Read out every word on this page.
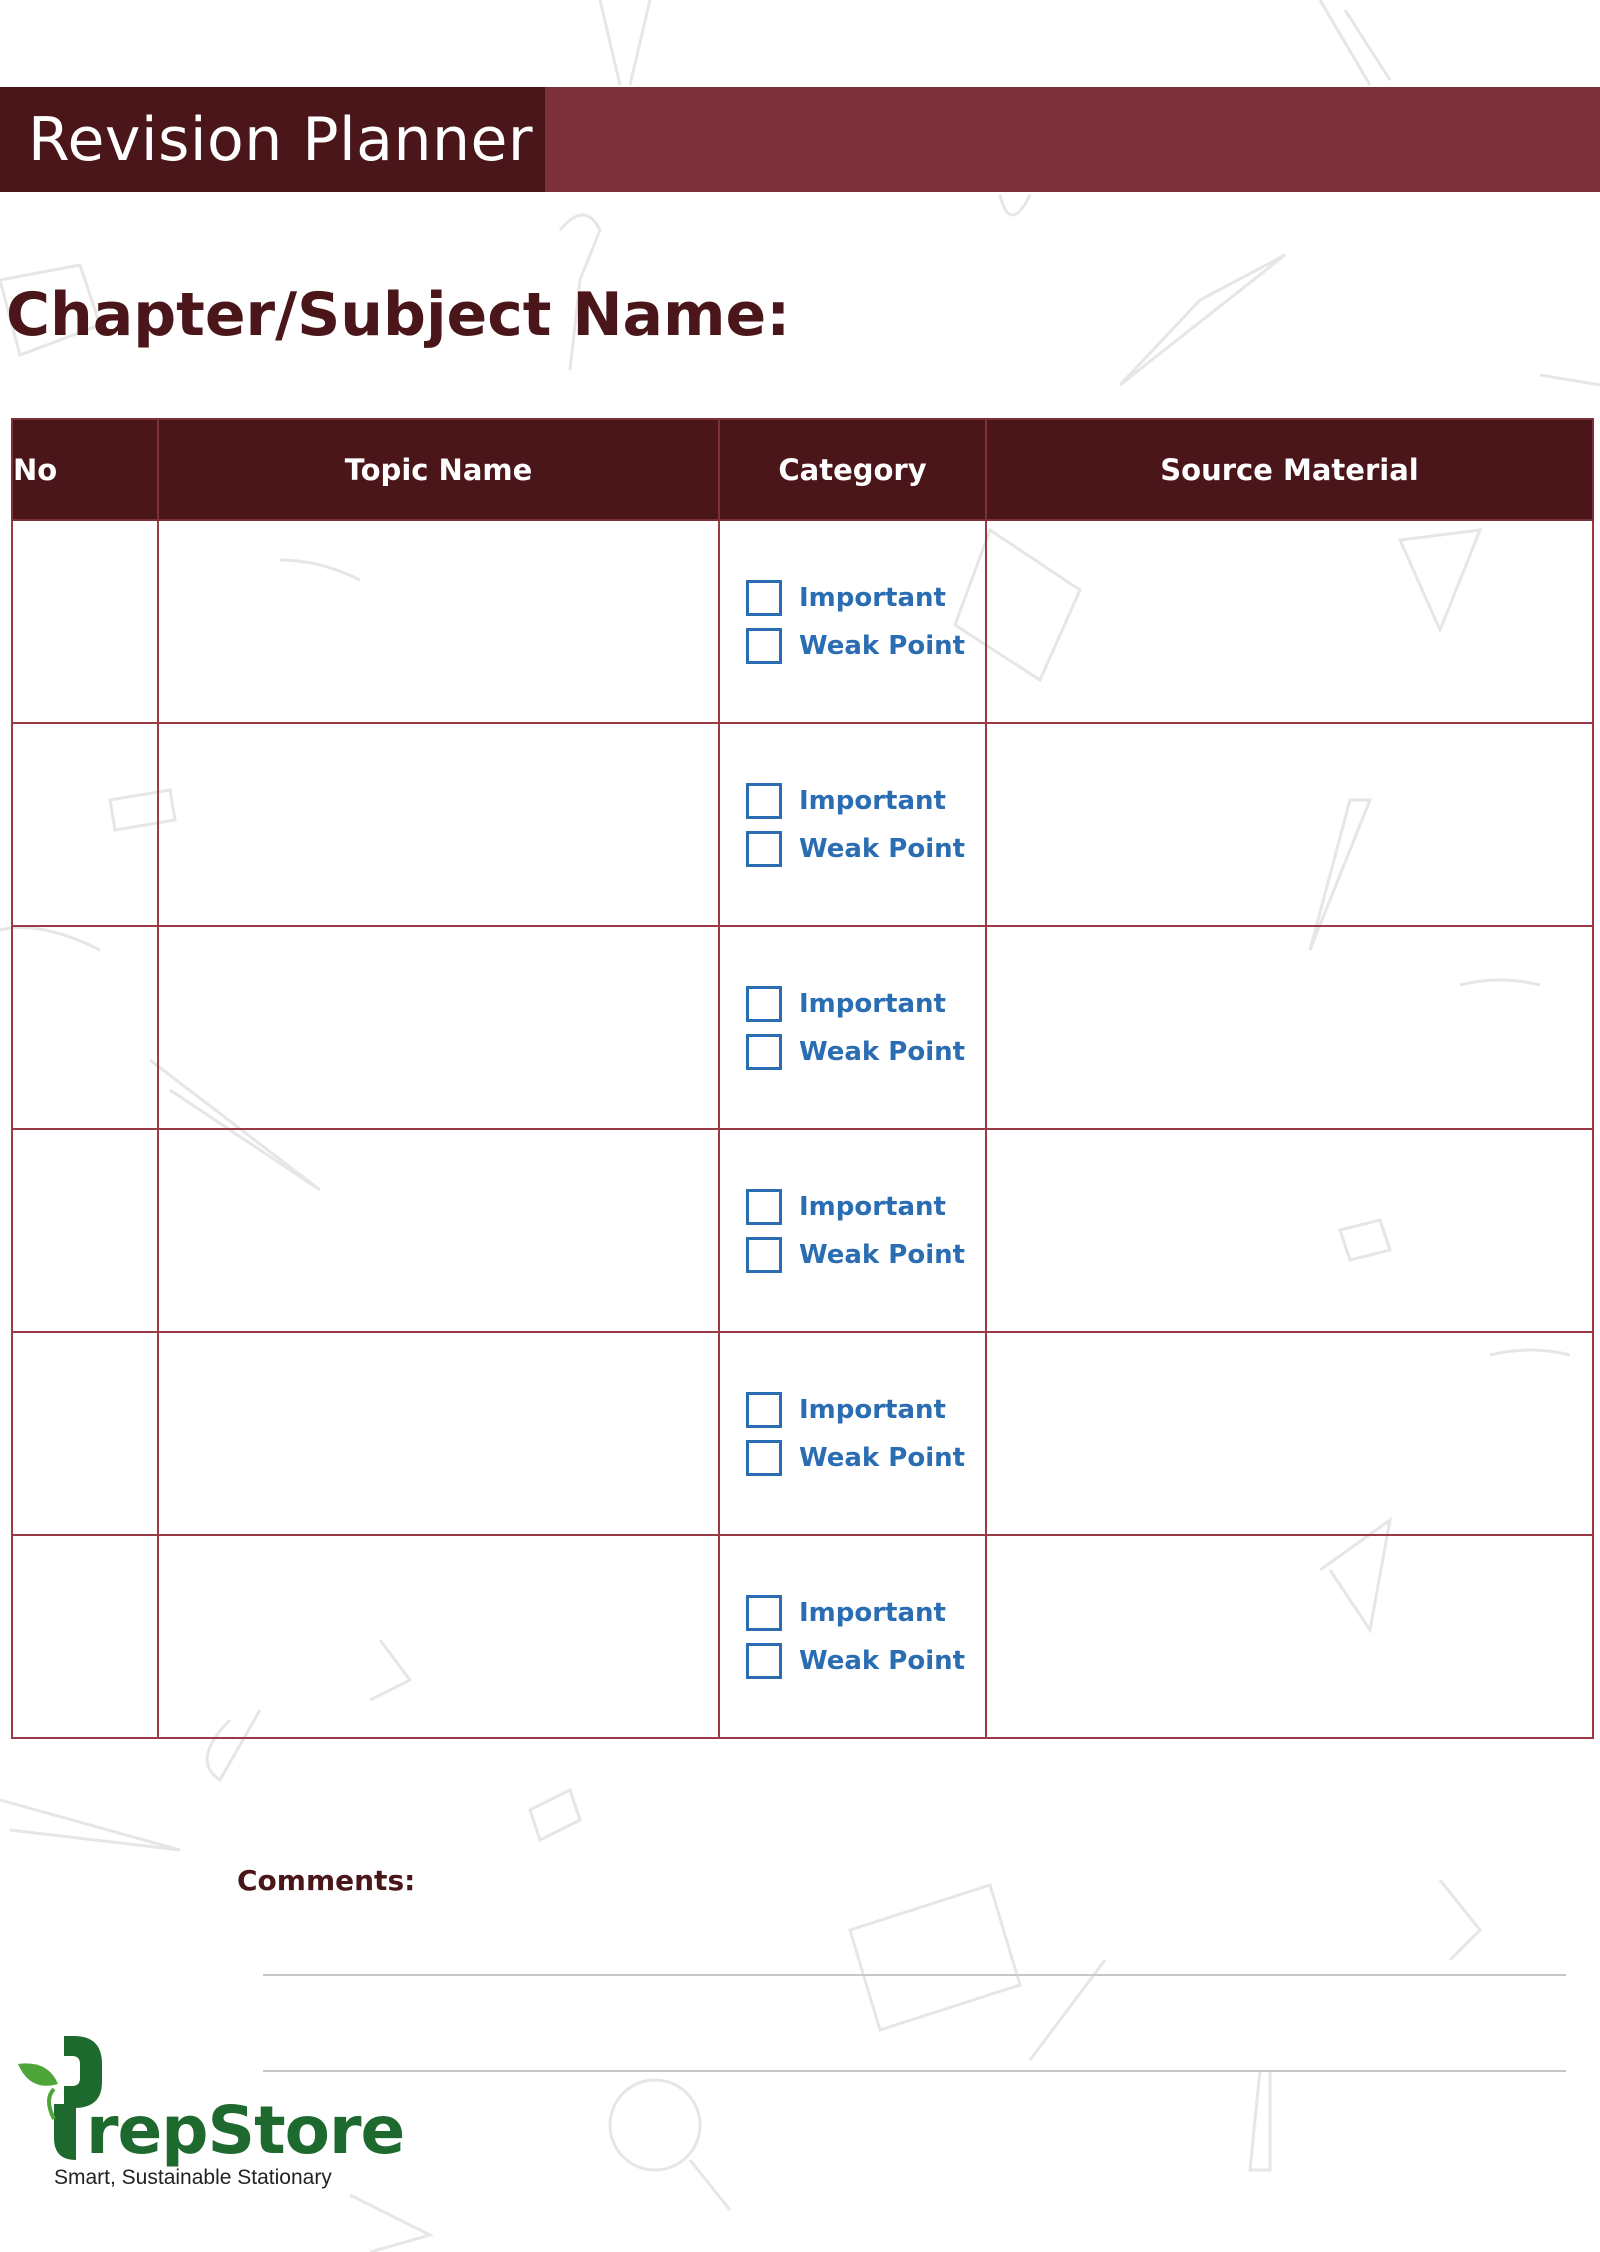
Revision Planner
Chapter/Subject Name:
No	Topic Name	Category	Source Material

		Important
Weak Point	

		Important
Weak Point	

		Important
Weak Point	

		Important
Weak Point	

		Important
Weak Point	

		Important
Weak Point	

Comments:
repStore
Smart, Sustainable Stationary
